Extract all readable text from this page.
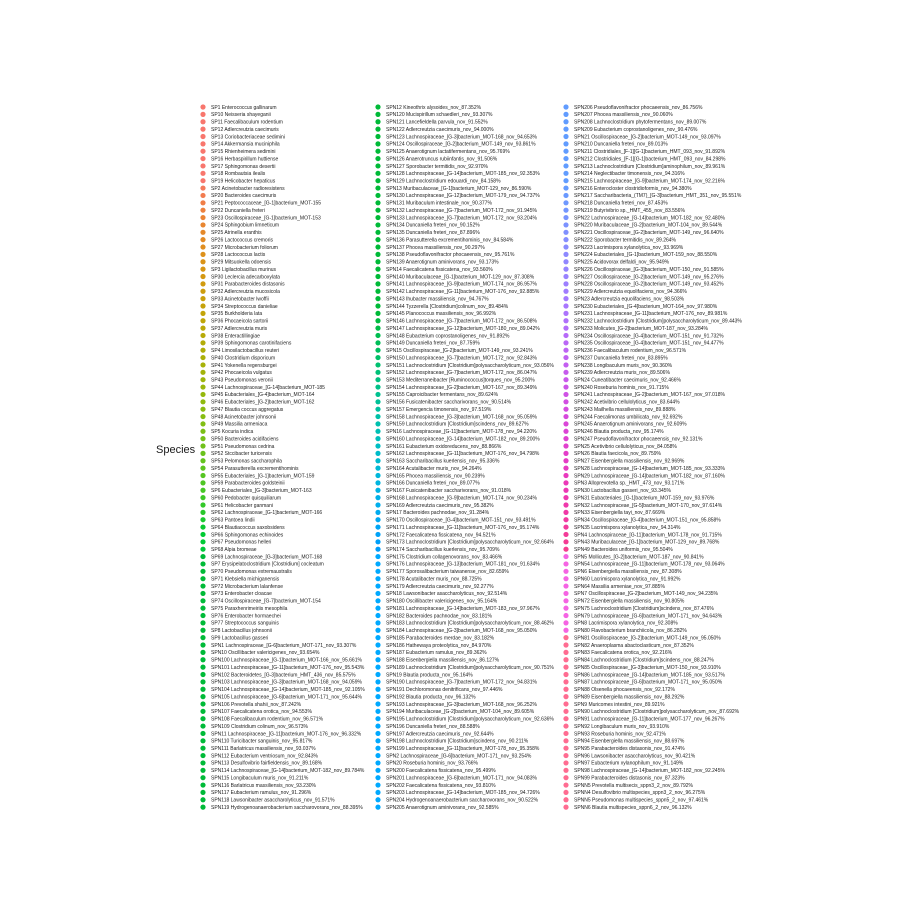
Species
SP1 Enterococcus gallinarum
SP10 Neisseria shayeganii
SP11 Faecalibaculum rodentium
SP12 Adlercreutzia caecimuris
SP13 Coriobacteriaceae sedimini
SP14 Akkermansia muciniphila
SP15 Rhienheimera sedimini
SP16 Herbaspirillum huttiense
SP17 Sphingomonas desertii
SP18 Rombautsia ilealis
SP19 Helicobacter hepaticus
SP2 Acinetobacter radioresistens
SP20 Bacteroides caecimuris
SP21 Peptococcaceae_[G-1]bacterium_MOT-155
SP22 Duncaniella freteri
SP23 Oscillospiraceae_[G-1]bacterium_MOT-153
SP24 Sphingobium limneticum
SP25 Atrinella eranthis
SP26 Lactococcus cremoris
SP27 Microbacterium foliorum
SP28 Lactococcus lactis
SP29 Mitsuokella odoensis
SP3 Ligilactobacillus murinus
SP30 Leclercia adecarboxylata
SP31 Parabacteroides distasonis
SP32 Adlercreutzia mucosicola
SP33 Acinetobacter lwoffii
SP34 Streptococcus danieliae
SP35 Burkholderia lata
SP36 Phocaeicola sartorii
SP37 Adlercreutzia muris
SP38 Enteractillingiae
SP39 Sphingomonas carotinifaciens
SP4 Limosilactobacillus reuteri
SP40 Clostridium disporicum
SP41 Yokenella regensburgei
SP42 Phocaeicola vulgatus
SP43 Pseudomonas veronii
SP44 Lachnospiraceae_[G-14]bacterium_MOT-185
SP45 Eubacteriales_[G-4]bacterium_MOT-164
SP46 Eubacteriales_[G-2]bacterium_MOT-162
SP47 Blautia coccus aggregatus
SP48 Acinetobacter johnsonii
SP49 Massilia armeniaca
SP5 Kocuria indica
SP50 Bacteroides acidifaciens
SP51 Pseudomonas cedrina
SP52 Stccibacter turicensis
SP53 Pelomonas saccharophila
SP54 Parasutterella excrementihominis
SP55 Eubacteriales_[G-1]bacterium_MOT-159
SP59 Parabacteroides goldsteinii
SP6 Eubacteriales_[G-3]bacterium_MOT-163
SP60 Pedobacter quisquiliarum
SP61 Helicobacter ganmani
SP62 Lachnospiraceae_[G-1]bacterium_MOT-166
SP63 Pantoea lindii
SP64 Blautiacoccus saxobsidens
SP66 Sphingomonas echinoides
SP67 Pseudomonas helleri
SP68 Alpia bromeae
SP69 Lachnospiraceae_[G-3]bacterium_MOT-168
SP7 Erysipelatoclostridium [Clostridium] cocleatum
SP70 Pseudomonas extremaustralis
SP71 Klebsiella michiganensis
SP72 Microbacterium lalanfense
SP73 Enterobacter cloacae
SP74 Oscillospiraceae_[G-7]bacterium_MOT-154
SP75 Paraxhenrimeiriis mesophila
SP76 Enterobacter hormaechei
SP77 Streptococcus sanguinis
SP8 Lactobacillus johnsonii
SP9 Lactobacillus gasseri
SPN1 Lachnospiraceae_[G-6]bacterium_MOT-171_nov_93.307%
SPN10 Oscillibacter valericigenes_nov_93.654%
SPN100 Lachnospiraceae_[G-1]bacterium_MOT-166_nov_95.661%
SPN101 Lachnospiraceae_[G-11]bacterium_MOT-176_nov_95.543%
SPN102 Bacteroidetes_[G-3]bacterium_HMT_436_nov_85.575%
SPN103 Lachnospiraceae_[G-3]bacterium_MOT-168_nov_94.059%
SPN104 Lachnospiraceae_[G-14]bacterium_MOT-185_nov_92.105%
SPN105 Lachnospiraceae_[G-6]bacterium_MOT-171_nov_95.644%
SPN106 Prevotella shahii_nov_87.242%
SPN107 Faecalicatena orotica_nov_94.553%
SPN108 Faecalibaculum rodentium_nov_96.571%
SPN109 Clostridium colinum_nov_96.573%
SPN11 Lachnospiraceae_[G-11]bacterium_MOT-176_nov_96.332%
SPN110 Turicibacter sanguinis_nov_95.817%
SPN111 Barlatricus massiliensis_nov_93.037%
SPN112 Eubacterium ventriosum_nov_92.843%
SPN113 Desulfovibrio fairfieldensis_nov_89.168%
SPN114 Lachnospiraceae_[G-14]bacterium_MOT-182_nov_89.784%
SPN115 Longibaculum muris_nov_91.211%
SPN116 Barlatricus massiliensis_nov_93.230%
SPN117 Eubacterium ramulus_nov_91.296%
SPN118 Lawsonibacter asaccharolyticus_nov_91.571%
SPN119 Hydrogenoanaerobacterium saccharovorans_nov_88.395%
SPN12 Kineothrix alysoides_nov_87.352%
SPN120 Mucispirillum schaedleri_nov_93.307%
SPN121 Lancefieldella parvula_nov_91.552%
SPN122 Adlercreutzia caecimuris_nov_94.000%
SPN123 Lachnospiraceae_[G-3]bacterium_MOT-168_nov_94.653%
SPN124 Oscillospiraceae_[G-2]bacterium_MOT-149_nov_93.861%
SPN125 Anaerotignum lactatifermentans_nov_95.769%
SPN126 Anaerotruncus rubiinfantis_nov_91.506%
SPN127 Sporobacter termitidis_nov_92.970%
SPN128 Lachnospiraceae_[G-14]bacterium_MOT-185_nov_92.353%
SPN129 Lachnoclostridium edouardi_nov_84.158%
SPN13 Muribaculaceae_[G-1]bacterium_MOT-129_nov_86.590%
SPN130 Lachnospiraceae_[G-12]bacterium_MOT-179_nov_94.737%
SPN131 Muribaculum intestinale_nov_90.377%
SPN132 Lachnospiraceae_[G-7]bacterium_MOT-172_nov_91.945%
SPN133 Lachnospiraceae_[G-7]bacterium_MOT-172_nov_93.204%
SPN134 Duncaniella freteri_nov_90.152%
SPN135 Duncaniella freteri_nov_87.896%
SPN136 Parasutterella excrementihominis_nov_84.584%
SPN137 Phocea massiliensis_nov_90.297%
SPN138 Pseudoflavonifractor phocaeensis_nov_95.761%
SPN139 Anaerotignum aminivorans_nov_93.173%
SPN14 Faecalicatena fissicatena_nov_93.560%
SPN140 Muribaculaceae_[G-1]bacterium_MOT-129_nov_87.308%
SPN141 Lachnospiraceae_[G-9]bacterium_MOT-174_nov_86.957%
SPN142 Lachnospiraceae_[G-11]bacterium_MOT-176_nov_92.885%
SPN143 Ihubacter massiliensis_nov_94.767%
SPN144 Tyzzerella [Clostridium]colinum_nov_89.484%
SPN145 Planococcus massiliensis_nov_96.992%
SPN146 Lachnospiraceae_[G-7]bacterium_MOT-172_nov_86.508%
SPN147 Lachnospiraceae_[G-12]bacterium_MOT-180_nov_89.042%
SPN148 Eubacterium coprostanoligenes_nov_91.892%
SPN149 Duncaniella freteri_nov_87.759%
SPN15 Oscillospiraceae_[G-2]bacterium_MOT-149_nov_93.241%
SPN150 Lachnospiraceae_[G-7]bacterium_MOT-172_nov_92.843%
SPN151 Lachnoclostridium [Clostridium]polysaccharolyticum_nov_93.056%
SPN152 Lachnospiraceae_[G-7]bacterium_MOT-172_nov_86.047%
SPN153 Mediterraneibacter [Ruminococcus]torques_nov_95.200%
SPN154 Lachnospiraceae_[G-2]bacterium_MOT-167_nov_89.349%
SPN155 Caproicibacter fermentans_nov_89.624%
SPN156 Fusicatenibacter saccharivorans_nov_90.514%
SPN157 Emergencia timonensis_nov_97.519%
SPN158 Lachnospiraceae_[G-3]bacterium_MOT-168_nov_95.059%
SPN159 Lachnoclostridium [Clostridium]scindens_nov_89.627%
SPN16 Lachnospiraceae_[G-11]bacterium_MOT-178_nov_94.220%
SPN160 Lachnospiraceae_[G-14]bacterium_MOT-182_nov_89.200%
SPN161 Eubacterium oxidoreducens_nov_88.866%
SPN162 Lachnospiraceae_[G-11]bacterium_MOT-176_nov_94.798%
SPN163 Saccharibacillus kuerlensis_nov_95.336%
SPN164 Acutalibacter muris_nov_94.264%
SPN165 Phocea massiliensis_nov_90.239%
SPN166 Duncaniella freteri_nov_89.077%
SPN167 Fusicatenibacter saccharivorans_nov_91.018%
SPN168 Lachnospiraceae_[G-9]bacterium_MOT-174_nov_90.234%
SPN169 Adlercreutzia caecimuris_nov_95.382%
SPN17 Bacteroides pachnodae_nov_91.284%
SPN170 Oscillospiraceae_[G-4]bacterium_MOT-151_nov_93.491%
SPN171 Lachnospiraceae_[G-11]bacterium_MOT-176_nov_95.174%
SPN172 Faecalicatena fissicatena_nov_94.521%
SPN173 Lachnoclostridium [Clostridium]polysaccharolyticum_nov_92.664%
SPN174 Saccharibacillus kuerlensis_nov_95.709%
SPN175 Clostridium collagenovorans_nov_83.466%
SPN176 Lachnospiraceae_[G-13]bacterium_MOT-181_nov_91.634%
SPN177 Sporosalibacterium taiwanense_nov_82.659%
SPN178 Acutalibacter muris_nov_88.725%
SPN179 Adlercreutzia caecimuris_nov_92.277%
SPN18 Lawsonibacter asaccharolyticus_nov_92.514%
SPN180 Oscillibacter valericigenes_nov_95.164%
SPN181 Lachnospiraceae_[G-14]bacterium_MOT-183_nov_97.967%
SPN182 Bacteroides pachnodae_nov_83.181%
SPN183 Lachnoclostridium [Clostridium]polysaccharolyticum_nov_88.462%
SPN184 Lachnospiraceae_[G-3]bacterium_MOT-168_nov_95.050%
SPN185 Parabacteroides merdae_nov_83.182%
SPN186 Hathewaya proteolytica_nov_84.970%
SPN187 Eubacterium ramulus_nov_89.362%
SPN188 Eisenbergiella massiliensis_nov_86.127%
SPN189 Lachnoclostridium [Clostridium]polysaccharolyticum_nov_90.751%
SPN19 Blautia producta_nov_95.164%
SPN190 Lachnospiraceae_[G-7]bacterium_MOT-172_nov_94.831%
SPN191 Dechloromonas denitrificans_nov_97.446%
SPN192 Blautia producta_nov_96.132%
SPN193 Lachnospiraceae_[G-3]bacterium_MOT-168_nov_96.252%
SPN194 Muribaculaceae_[G-2]bacterium_MOT-104_nov_89.605%
SPN195 Lachnoclostridium [Clostridium]polysaccharolyticum_nov_92.636%
SPN196 Duncaniella freteri_nov_88.588%
SPN197 Adlercreutzia caecimuris_nov_92.644%
SPN198 Lachnoclostridium [Clostridium]scindens_nov_90.211%
SPN199 Lachnospiraceae_[G-11]bacterium_MOT-178_nov_95.358%
SPN2 Lachnospiraceae_[G-6]bacterium_MOT-171_nov_93.254%
SPN20 Roseburia hominis_nov_93.766%
SPN200 Faecalicatena fissicatena_nov_95.499%
SPN201 Lachnospiraceae_[G-6]bacterium_MOT-171_nov_94.083%
SPN202 Faecalicatena fissicatena_nov_93.810%
SPN203 Lachnospiraceae_[G-14]bacterium_MOT-185_nov_94.726%
SPN204 Hydrogenoanaerobacterium saccharovorans_nov_90.522%
SPN205 Anaerotignum aminivorans_nov_92.585%
SPN206 Pseudoflavonifractor phocaeensis_nov_86.756%
SPN207 Phocea massiliensis_nov_90.060%
SPN208 Lachnoclostridium phytofermentans_nov_89.007%
SPN209 Eubacterium coprostanoligenes_nov_90.476%
SPN21 Oscillospiraceae_[G-2]bacterium_MOT-149_nov_93.097%
SPN210 Duncaniella freteri_nov_89.013%
SPN211 Clostridiales_[F-1][G-1]bacterium_HMT_093_nov_91.892%
SPN212 Clostridiales_[F-1][G-1]bacterium_HMT_093_nov_84.298%
SPN213 Lachnoclostridium [Clostridium]aminophilum_nov_89.961%
SPN214 Neglectibacter timonensis_nov_94.316%
SPN215 Lachnospiraceae_[G-9]bacterium_MOT-174_nov_92.216%
SPN216 Enterocloster clostridioformis_nov_94.380%
SPN217 Saccharibacteria_(TM7)_[G-3]bacterium_HMT_351_nov_95.551%
SPN218 Duncaniella freteri_nov_87.453%
SPN219 Butyrivibrio sp._HMT_455_nov_83.556%
SPN22 Lachnospiraceae_[G-14]bacterium_MOT-182_nov_92.480%
SPN220 Muribaculaceae_[G-2]bacterium_MOT-104_nov_89.544%
SPN221 Oscillospiraceae_[G-2]bacterium_MOT-149_nov_96.640%
SPN222 Sporobacter termitidis_nov_89.264%
SPN223 Lacrimispora xylanolytica_nov_93.969%
SPN224 Eubacteriales_[G-1]bacterium_MOT-159_nov_88.550%
SPN225 Acidovorax delfaldi_nov_95.949%
SPN226 Oscillospiraceae_[G-3]bacterium_MOT-150_nov_91.585%
SPN227 Oscillospiraceae_[G-2]bacterium_MOT-149_nov_95.276%
SPN228 Oscillospiraceae_[G-2]bacterium_MOT-149_nov_93.452%
SPN229 Adlercreutzia equolifaciens_nov_94.366%
SPN23 Adlercreutzia equolifaciens_nov_98.503%
SPN230 Eubacteriales_[G-4]bacterium_MOT-164_nov_97.980%
SPN231 Lachnospiraceae_[G-11]bacterium_MOT-176_nov_89.981%
SPN232 Lachnoclostridium [Clostridium]polysaccharolyticum_nov_89.443%
SPN233 Molicutes_[G-2]bacterium_MOT-187_nov_93.284%
SPN234 Oscillospiraceae_[G-4]bacterium_MOT-151_nov_91.732%
SPN235 Oscillospiraceae_[G-4]bacterium_MOT-151_nov_94.477%
SPN236 Faecalibaculum rodentium_nov_96.571%
SPN237 Duncaniella freteri_nov_83.895%
SPN238 Longibaculum muris_nov_90.360%
SPN239 Adlercreutzia muris_nov_89.506%
SPN24 Cuneatibacter caecimuris_nov_92.466%
SPN240 Roseburia hominis_nov_91.715%
SPN241 Lachnospiraceae_[G-2]bacterium_MOT-167_nov_97.018%
SPN242 Acetivibrio cellulolyticus_nov_83.644%
SPN243 Mailhella massiliensis_nov_89.888%
SPN244 Faecalimonas umbilicata_nov_92.692%
SPN245 Anaerotignum aminivorans_nov_92.609%
SPN246 Blautia producta_nov_95.174%
SPN247 Pseudoflavonifractor phocaeensis_nov_92.131%
SPN25 Acetivibrio cellulolyticus_nov_84.058%
SPN26 Blautia faecicola_nov_89.759%
SPN27 Eisenbergiella massiliensis_nov_92.969%
SPN28 Lachnospiraceae_[G-14]bacterium_MOT-185_nov_93.333%
SPN29 Lachnospiraceae_[G-14]bacterium_MOT-182_nov_87.160%
SPN3 Alloprevotella sp._HMT_473_nov_93.171%
SPN30 Lactobacillus gasseri_nov_93.345%
SPN31 Eubacteriales_[G-1]bacterium_MOT-159_nov_93.976%
SPN32 Lachnospiraceae_[G-5]bacterium_MOT-170_nov_97.614%
SPN33 Eisenbergiella tayi_nov_87.669%
SPN34 Oscillospiraceae_[G-4]bacterium_MOT-151_nov_95.858%
SPN35 Lacrimispora xylanolytica_nov_94.314%
SPN4 Lachnospiraceae_[G-11]bacterium_MOT-178_nov_91.715%
SPN43 Muribaculaceae_[G-1]bacterium_MOT-129_nov_89.768%
SPN49 Bacteroides uniformis_nov_95.504%
SPN5 Mollicutes_[G-2]bacterium_MOT-187_nov_90.841%
SPN54 Lachnospiraceae_[G-11]bacterium_MOT-178_nov_93.064%
SPN6 Eisenbergiella massiliensis_nov_87.308%
SPN60 Lacrimispora xylanolytica_nov_91.992%
SPN64 Massilia armeniae_nov_97.885%
SPN7 Oscillospiraceae_[G-2]bacterium_MOT-149_nov_94.235%
SPN72 Eisenbergiella massiliensis_nov_90.805%
SPN75 Lachnoclostridium [Clostridium]scindens_nov_87.476%
SPN79 Lachnospiraceae_[G-6]bacterium_MOT-171_nov_94.643%
SPN8 Lacrimispora xylanolytica_nov_92.308%
SPN80 Flavobacterium branchiicola_nov_86.282%
SPN81 Oscillospiraceae_[G-2]bacterium_MOT-149_nov_95.050%
SPN82 Anaeroplasma abactoclasticum_nov_87.352%
SPN83 Faecalicatena orotica_nov_92.216%
SPN84 Lachnoclostridium [Clostridium]scindens_nov_88.247%
SPN85 Oscillospiraceae_[G-3]bacterium_MOT-150_nov_93.910%
SPN86 Lachnospiraceae_[G-14]bacterium_MOT-185_nov_93.517%
SPN87 Lachnospiraceae_[G-6]bacterium_MOT-171_nov_95.050%
SPN88 Olsenella phocaeensis_nov_92.172%
SPN89 Eisenbergiella massiliensis_nov_88.292%
SPN9 Muricomes intestini_nov_89.921%
SPN90 Lachnoclostridium [Clostridium]polysaccharolyticum_nov_87.692%
SPN91 Lachnospiraceae_[G-11]bacterium_MOT-177_nov_96.267%
SPN92 Longibaculum muris_nov_93.910%
SPN93 Roseburia hominis_nov_92.471%
SPN94 Eisenbergiella massiliensis_nov_88.697%
SPN95 Parabacteroides distasonis_nov_91.474%
SPN96 Lawsonibacter asaccharolyticus_nov_90.421%
SPN97 Eubacterium xylanophilum_nov_91.149%
SPN98 Lachnospiraceae_[G-14]bacterium_MOT-182_nov_92.245%
SPN99 Parabacteroides distasonis_nov_87.323%
SPNN5 Prevotella multisecis_sppn3_2_nov_89.792%
SPNN4 Desulfovibrio multispecies_sppn3_2_nov_96.275%
SPNN5 Pseudomonas multispecies_sppn5_2_nov_97.461%
SPNN6 Blautia multispecies_sppn6_2_nov_96.132%
